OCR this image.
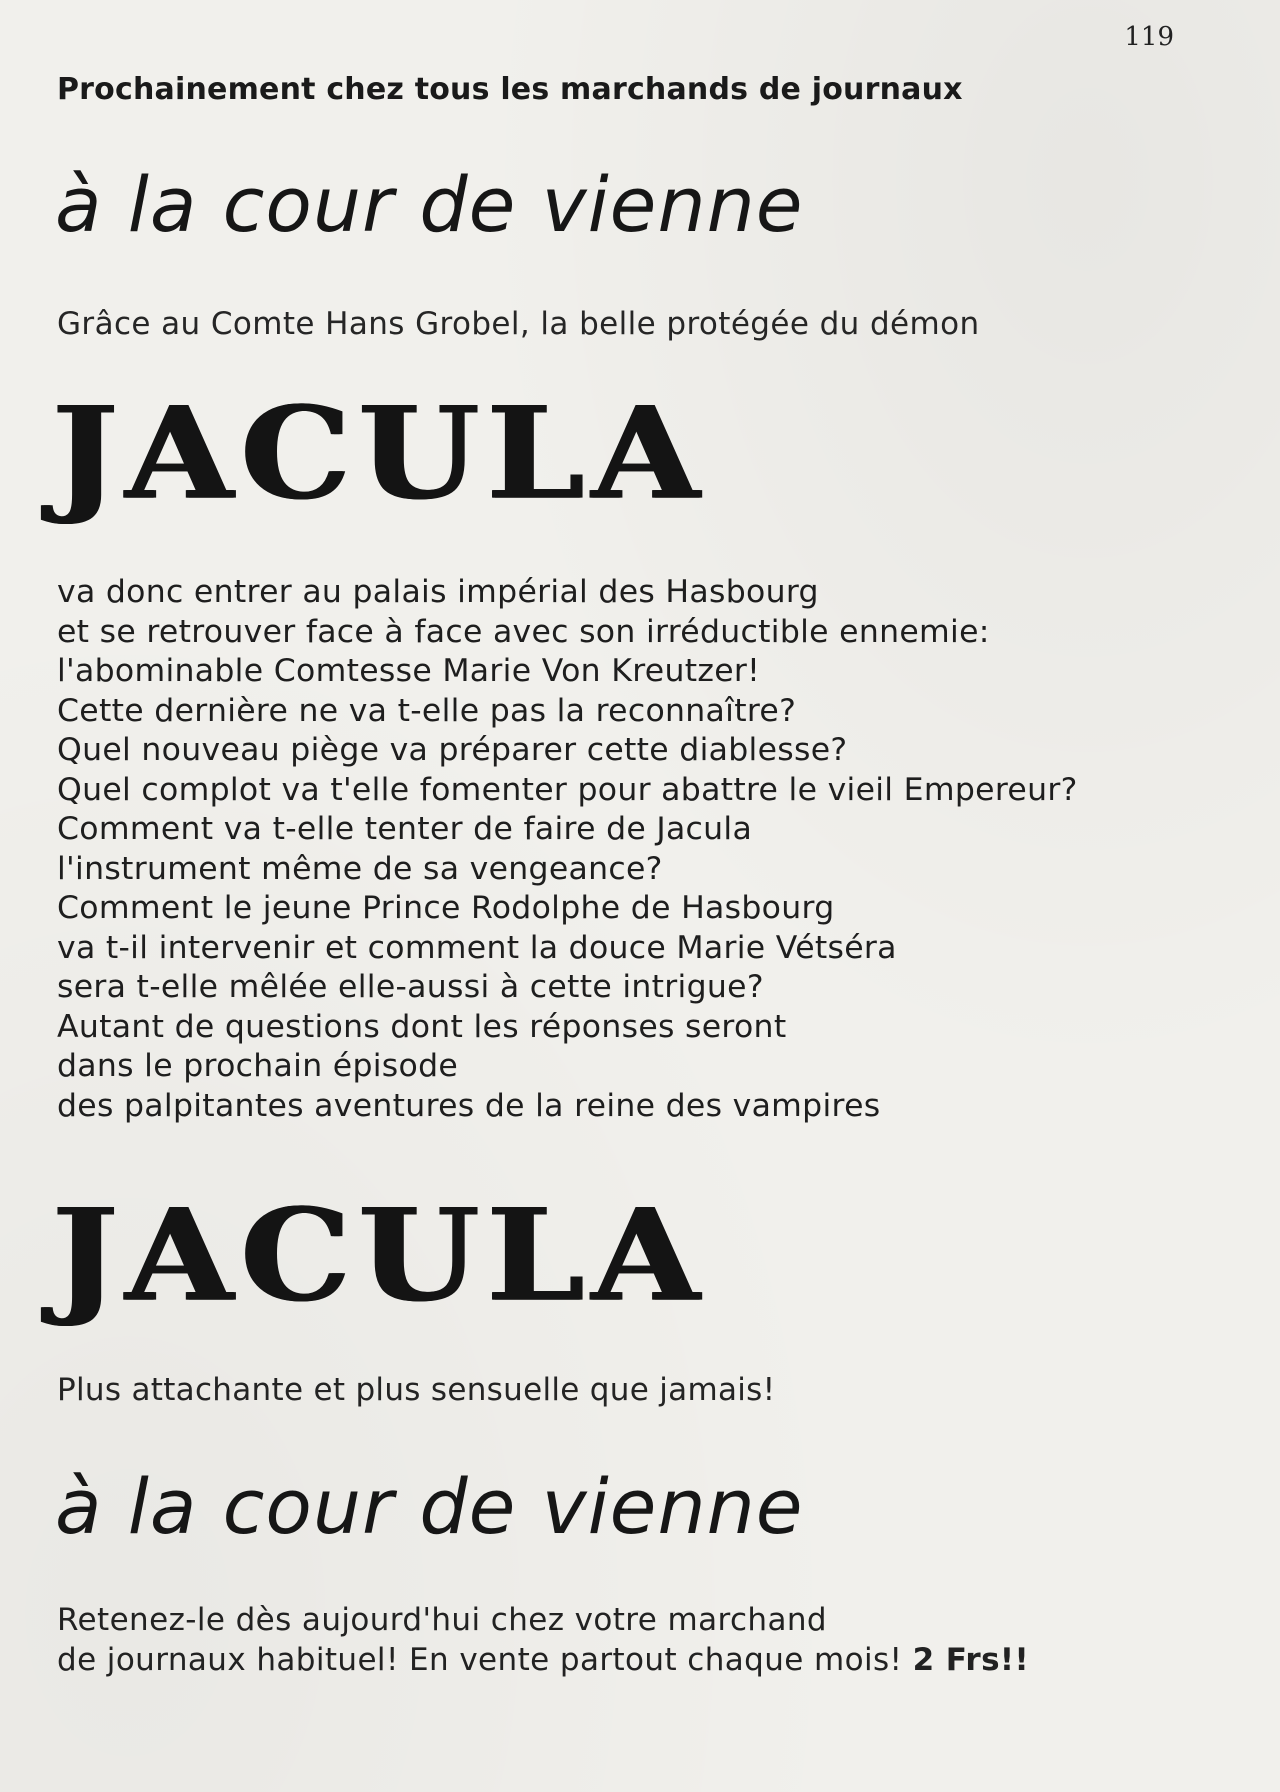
119
Prochainement chez tous les marchands de journaux
à la cour de vienne
Grâce au Comte Hans Grobel, la belle protégée du démon
JACULA
va donc entrer au palais impérial des Hasbourg
et se retrouver face à face avec son irréductible ennemie:
l'abominable Comtesse Marie Von Kreutzer!
Cette dernière ne va t-elle pas la reconnaître?
Quel nouveau piège va préparer cette diablesse?
Quel complot va t'elle fomenter pour abattre le vieil Empereur?
Comment va t-elle tenter de faire de Jacula
l'instrument même de sa vengeance?
Comment le jeune Prince Rodolphe de Hasbourg
va t-il intervenir et comment la douce Marie Vétséra
sera t-elle mêlée elle-aussi à cette intrigue?
Autant de questions dont les réponses seront
dans le prochain épisode
des palpitantes aventures de la reine des vampires
JACULA
Plus attachante et plus sensuelle que jamais!
à la cour de vienne
Retenez-le dès aujourd'hui chez votre marchand
de journaux habituel! En vente partout chaque mois! 2 Frs!!
